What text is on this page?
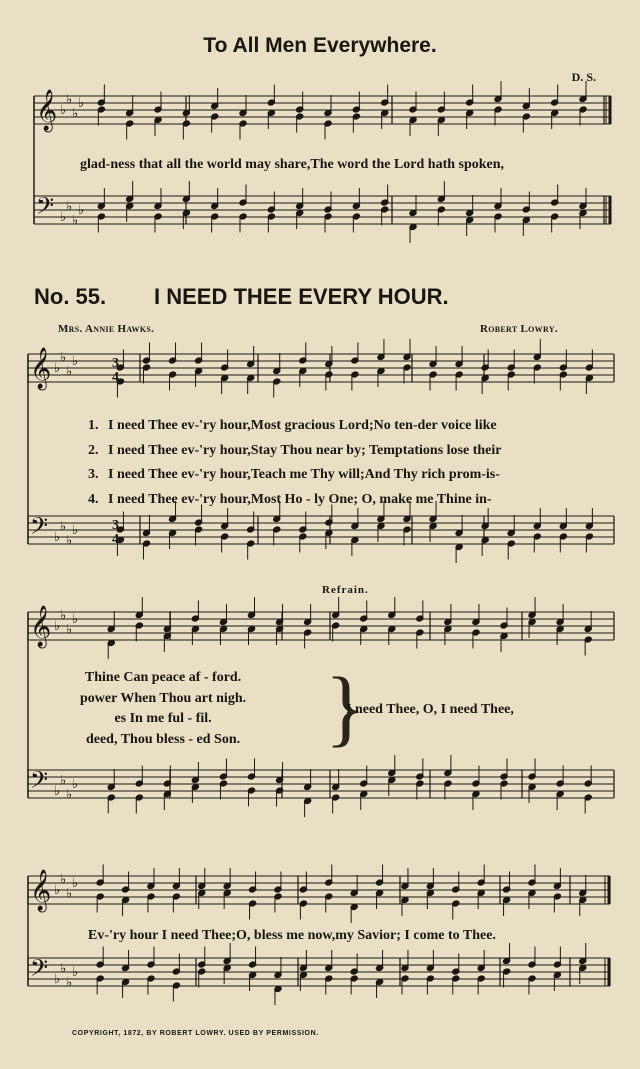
To All Men Everywhere.
D. S.
glad-ness that all the world may share,The word the Lord hath spoken,
No. 55. I NEED THEE EVERY HOUR.
Mrs. Annie Hawks.	Robert Lowry.
1. I need Thee ev-'ry hour,Most gracious Lord;No ten-der voice like
2. I need Thee ev-'ry hour,Stay Thou near by; Temptations lose their
3. I need Thee ev-'ry hour,Teach me Thy will;And Thy rich prom-is-
4. I need Thee ev-'ry hour,Most Ho - ly One; O, make me Thine in-
Refrain.
Thine Can peace af - ford.
power When Thou art nigh.
es In me ful - fil.
deed, Thou bless - ed Son. }
I need Thee, O, I need Thee,
Ev-'ry hour I need Thee;O, bless me now,my Savior; I come to Thee.
COPYRIGHT, 1872, BY ROBERT LOWRY. USED BY PERMISSION.
𝄞 ♭
♭
♭
♭
𝄢 ♭
♭
♭
♭
𝄞 ♭
♭
♭
♭
𝄢 ♭
♭
♭
♭
𝄞 ♭
♭
♭
♭
𝄢 ♭
♭
♭
♭
𝄞 ♭
♭
♭
♭
𝄢 ♭
♭
♭
♭
3
4
3
4
